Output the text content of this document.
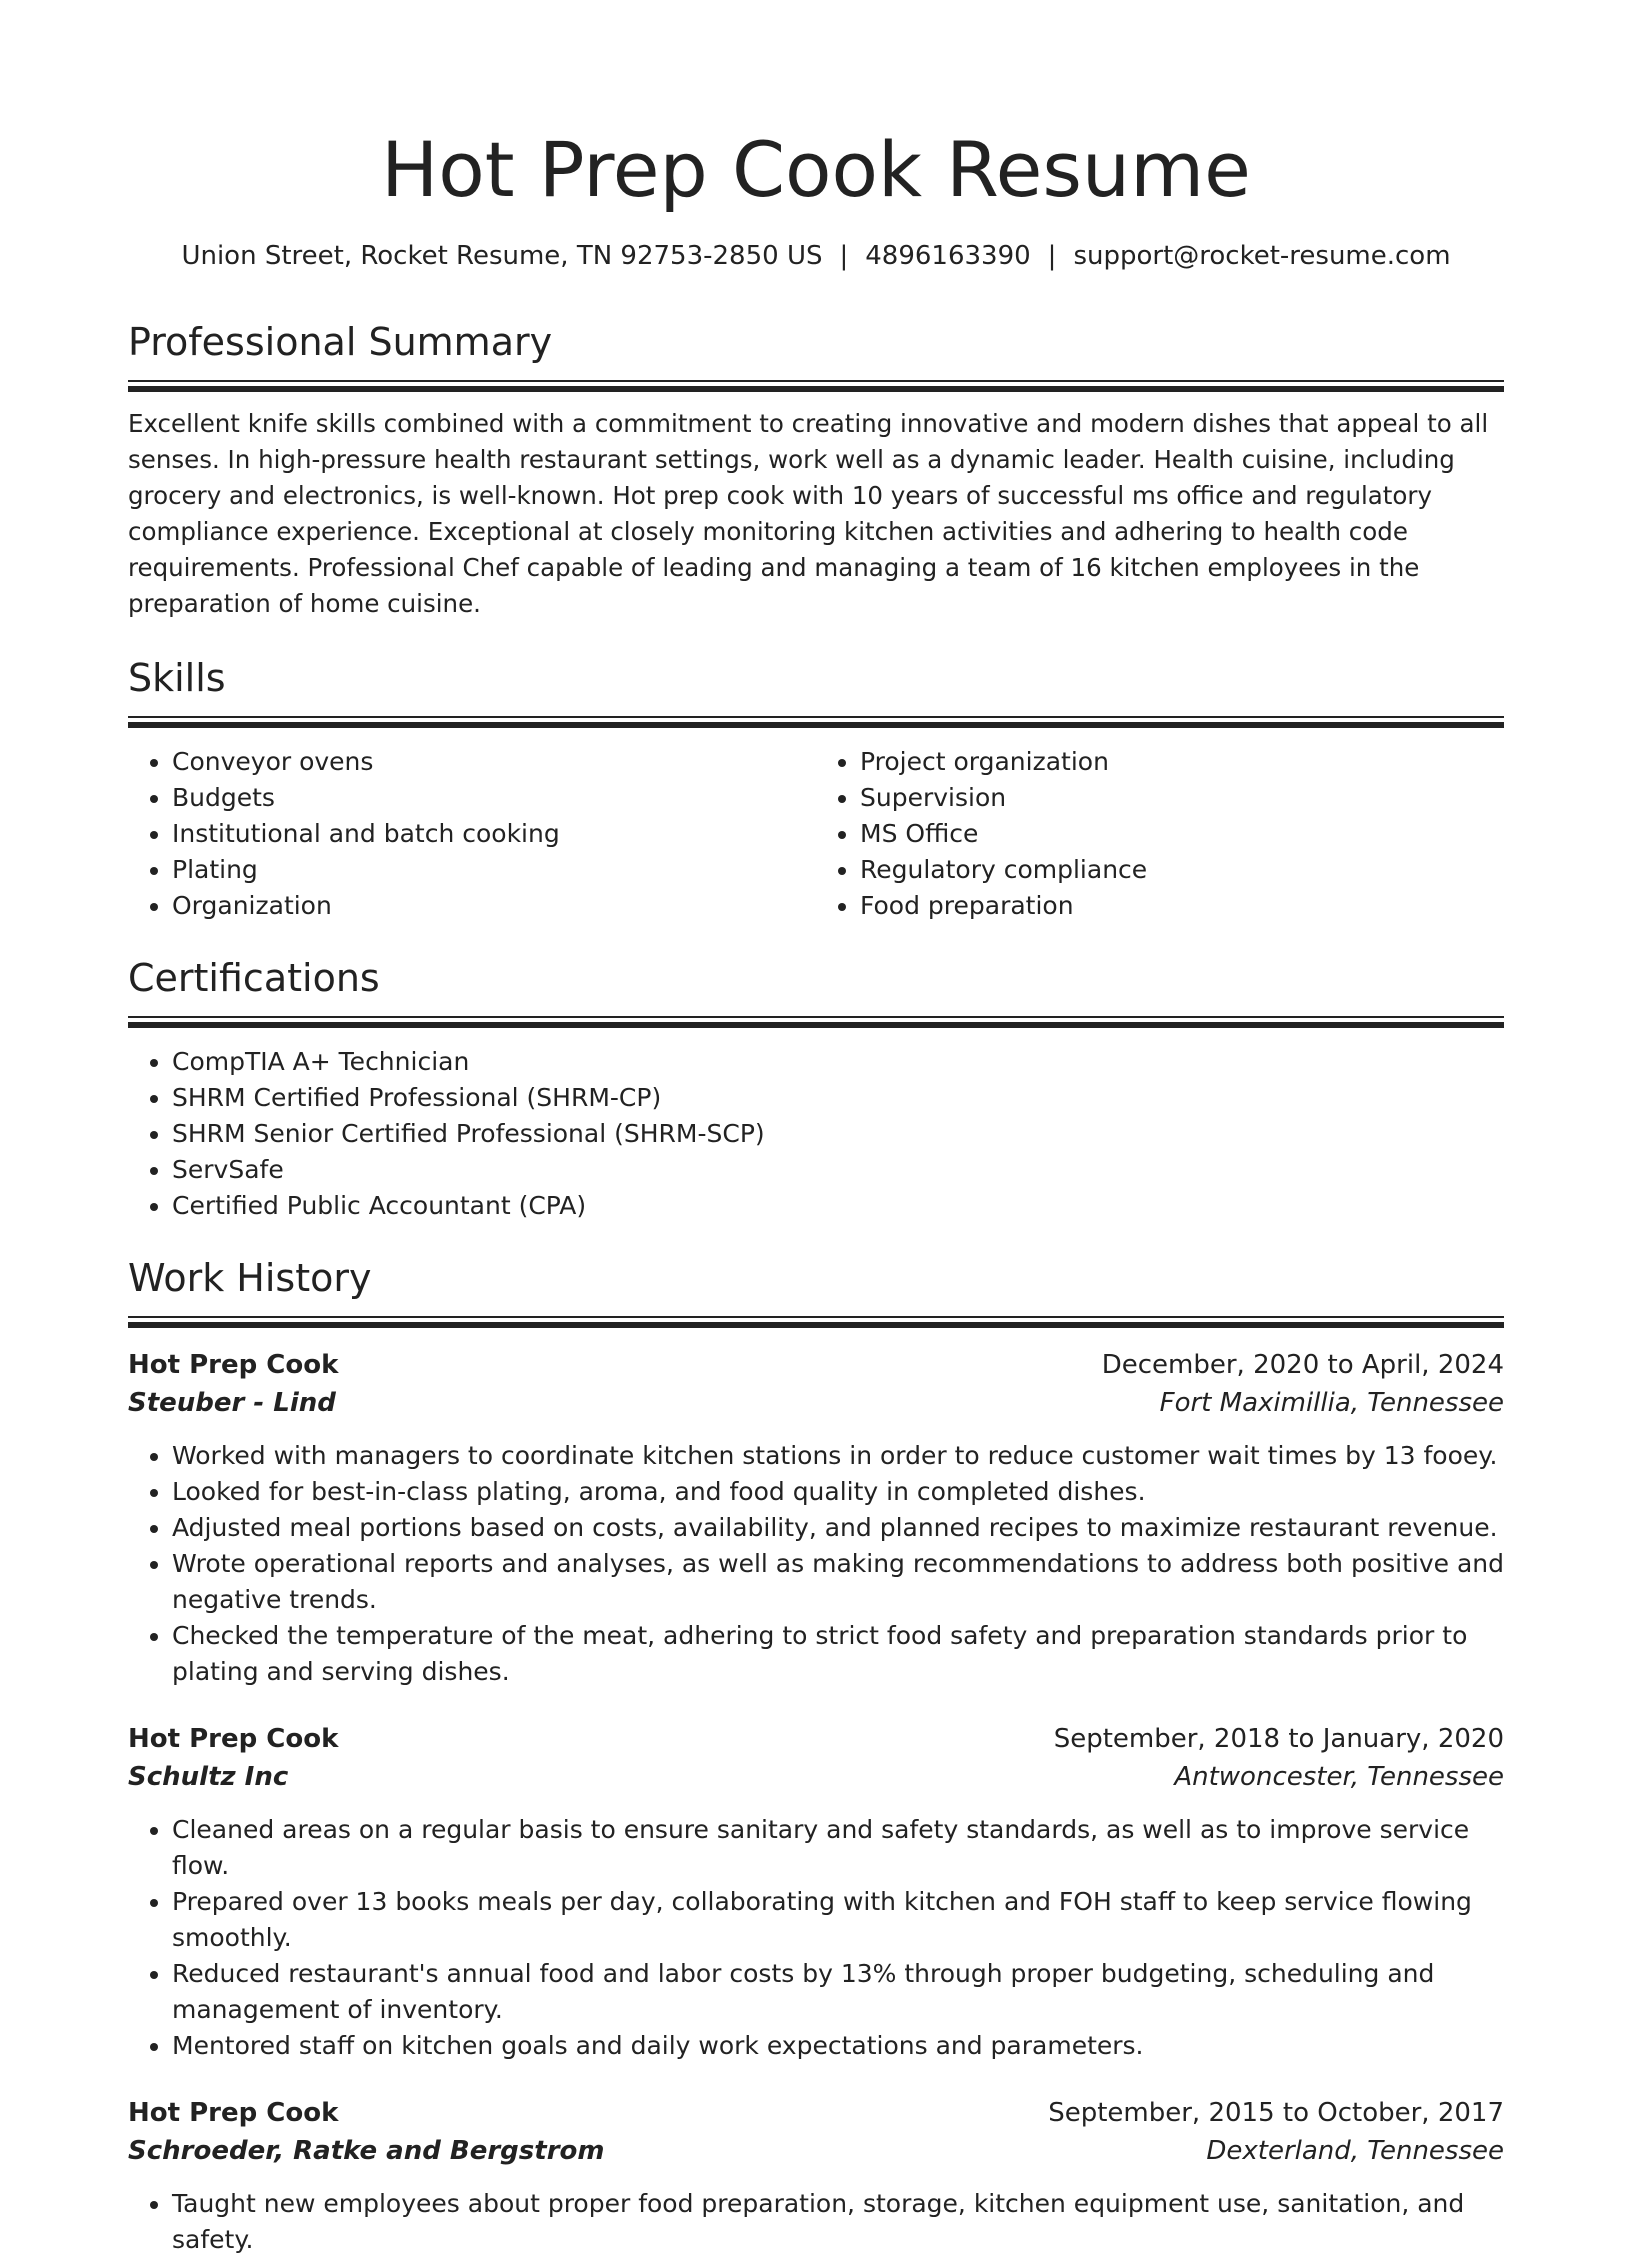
Hot Prep Cook Resume
Union Street, Rocket Resume, TN 92753-2850 US | 4896163390 | support@rocket-resume.com
Professional Summary

Excellent knife skills combined with a commitment to creating innovative and modern dishes that appeal to all senses. In high-pressure health restaurant settings, work well as a dynamic leader. Health cuisine, including grocery and electronics, is well-known. Hot prep cook with 10 years of successful ms office and regulatory compliance experience. Exceptional at closely monitoring kitchen activities and adhering to health code requirements. Professional Chef capable of leading and managing a team of 16 kitchen employees in the preparation of home cuisine.

Skills
• Conveyor ovens
• Budgets
• Institutional and batch cooking
• Plating
• Organization
• Project organization
• Supervision
• MS Office
• Regulatory compliance
• Food preparation
Certifications
• CompTIA A+ Technician
• SHRM Certified Professional (SHRM-CP)
• SHRM Senior Certified Professional (SHRM-SCP)
• ServSafe
• Certified Public Accountant (CPA)
Work History
Hot Prep Cook	December, 2020 to April, 2024
Steuber - Lind	Fort Maximillia, Tennessee
• Worked with managers to coordinate kitchen stations in order to reduce customer wait times by 13 fooey.
• Looked for best-in-class plating, aroma, and food quality in completed dishes.
• Adjusted meal portions based on costs, availability, and planned recipes to maximize restaurant revenue.
• Wrote operational reports and analyses, as well as making recommendations to address both positive and negative trends.
• Checked the temperature of the meat, adhering to strict food safety and preparation standards prior to plating and serving dishes.
Hot Prep Cook	September, 2018 to January, 2020
Schultz Inc	Antwoncester, Tennessee
• Cleaned areas on a regular basis to ensure sanitary and safety standards, as well as to improve service flow.
• Prepared over 13 books meals per day, collaborating with kitchen and FOH staff to keep service flowing smoothly.
• Reduced restaurant's annual food and labor costs by 13% through proper budgeting, scheduling and management of inventory.
• Mentored staff on kitchen goals and daily work expectations and parameters.
Hot Prep Cook	September, 2015 to October, 2017
Schroeder, Ratke and Bergstrom	Dexterland, Tennessee
• Taught new employees about proper food preparation, storage, kitchen equipment use, sanitation, and safety.
